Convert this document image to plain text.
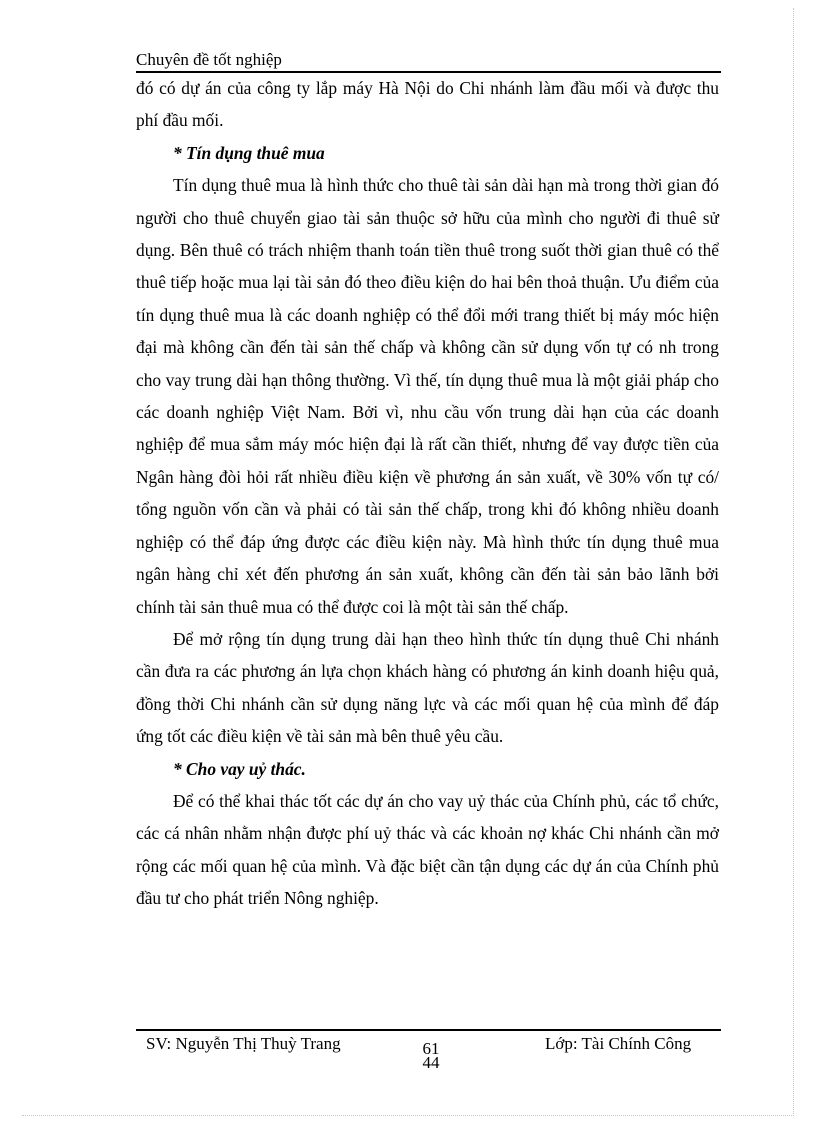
Chuyên đề tốt nghiệp

đó có dự án của công ty lắp máy Hà Nội do Chi nhánh làm đầu mối và được thu phí đầu mối.

* Tín dụng thuê mua

Tín dụng thuê mua là hình thức cho thuê tài sản dài hạn mà trong thời gian đó người cho thuê chuyển giao tài sản thuộc sở hữu của mình cho người đi thuê sử dụng. Bên thuê có trách nhiệm thanh toán tiền thuê trong suốt thời gian thuê có thể thuê tiếp hoặc mua lại tài sản đó theo điều kiện do hai bên thoả thuận. Ưu điểm của tín dụng thuê mua là các doanh nghiệp có thể đổi mới trang thiết bị máy móc hiện đại mà không cần đến tài sản thế chấp và không cần sử dụng vốn tự có nh trong cho vay trung dài hạn thông thường. Vì thế, tín dụng thuê mua là một giải pháp cho các doanh nghiệp Việt Nam. Bởi vì, nhu cầu vốn trung dài hạn của các doanh nghiệp để mua sắm máy móc hiện đại là rất cần thiết, nhưng để vay được tiền của Ngân hàng đòi hỏi rất nhiều điều kiện về phương án sản xuất, về 30% vốn tự có/ tổng nguồn vốn cần và phải có tài sản thế chấp, trong khi đó không nhiều doanh nghiệp có thể đáp ứng được các điều kiện này. Mà hình thức tín dụng thuê mua ngân hàng chỉ xét đến phương án sản xuất, không cần đến tài sản bảo lãnh bởi chính tài sản thuê mua có thể được coi là một tài sản thế chấp.

Để mở rộng tín dụng trung dài hạn theo hình thức tín dụng thuê Chi nhánh cần đưa ra các phương án lựa chọn khách hàng có phương án kinh doanh hiệu quả, đồng thời Chi nhánh cần sử dụng năng lực và các mối quan hệ của mình để đáp ứng tốt các điều kiện về tài sản mà bên thuê yêu cầu.

* Cho vay uỷ thác.

Để có thể khai thác tốt các dự án cho vay uỷ thác của Chính phủ, các tổ chức, các cá nhân nhằm nhận được phí uỷ thác và các khoản nợ khác Chi nhánh cần mở rộng các mối quan hệ của mình. Và đặc biệt cần tận dụng các dự án của Chính phủ đầu tư cho phát triển Nông nghiệp.

SV: Nguyễn Thị Thuỳ Trang	61
44
Lớp: Tài Chính Công
